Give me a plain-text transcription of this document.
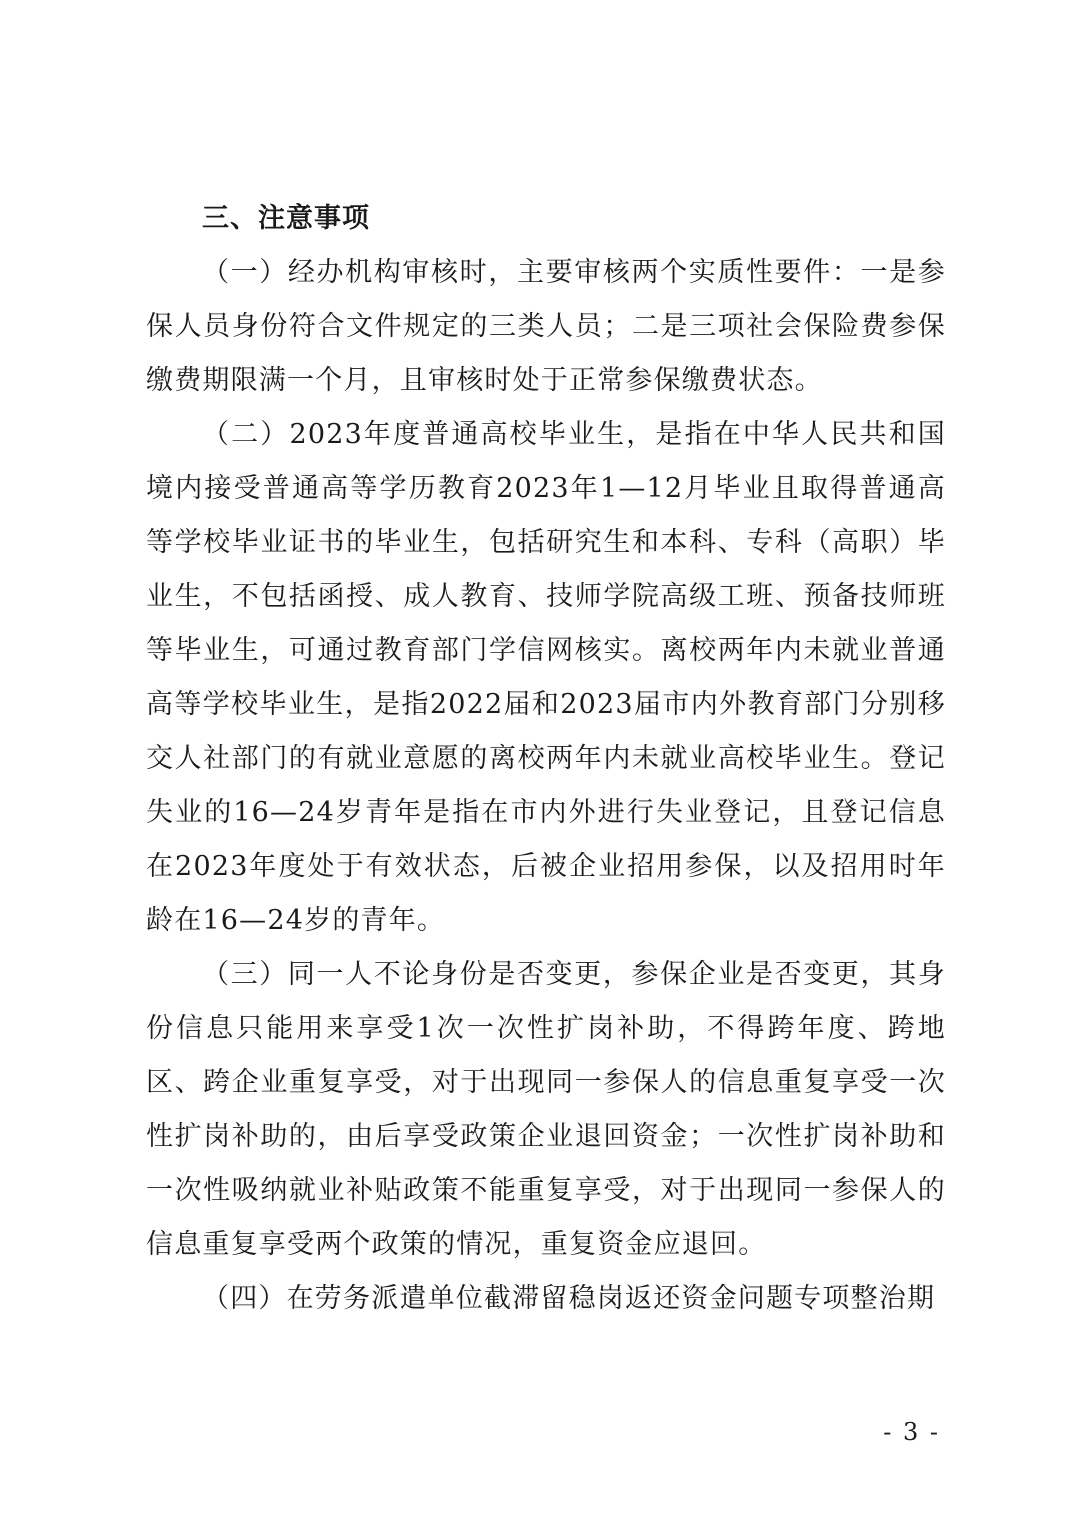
三、注意事项

（一）经办机构审核时，主要审核两个实质性要件：一是参保人员身份符合文件规定的三类人员；二是三项社会保险费参保缴费期限满一个月，且审核时处于正常参保缴费状态。

（二）2023年度普通高校毕业生，是指在中华人民共和国境内接受普通高等学历教育2023年1—12月毕业且取得普通高等学校毕业证书的毕业生，包括研究生和本科、专科（高职）毕业生，不包括函授、成人教育、技师学院高级工班、预备技师班等毕业生，可通过教育部门学信网核实。离校两年内未就业普通高等学校毕业生，是指2022届和2023届市内外教育部门分别移交人社部门的有就业意愿的离校两年内未就业高校毕业生。登记失业的16—24岁青年是指在市内外进行失业登记，且登记信息在2023年度处于有效状态，后被企业招用参保，以及招用时年龄在16—24岁的青年。

（三）同一人不论身份是否变更，参保企业是否变更，其身份信息只能用来享受1次一次性扩岗补助，不得跨年度、跨地区、跨企业重复享受，对于出现同一参保人的信息重复享受一次性扩岗补助的，由后享受政策企业退回资金；一次性扩岗补助和一次性吸纳就业补贴政策不能重复享受，对于出现同一参保人的信息重复享受两个政策的情况，重复资金应退回。

（四）在劳务派遣单位截滞留稳岗返还资金问题专项整治期

- 3 -
